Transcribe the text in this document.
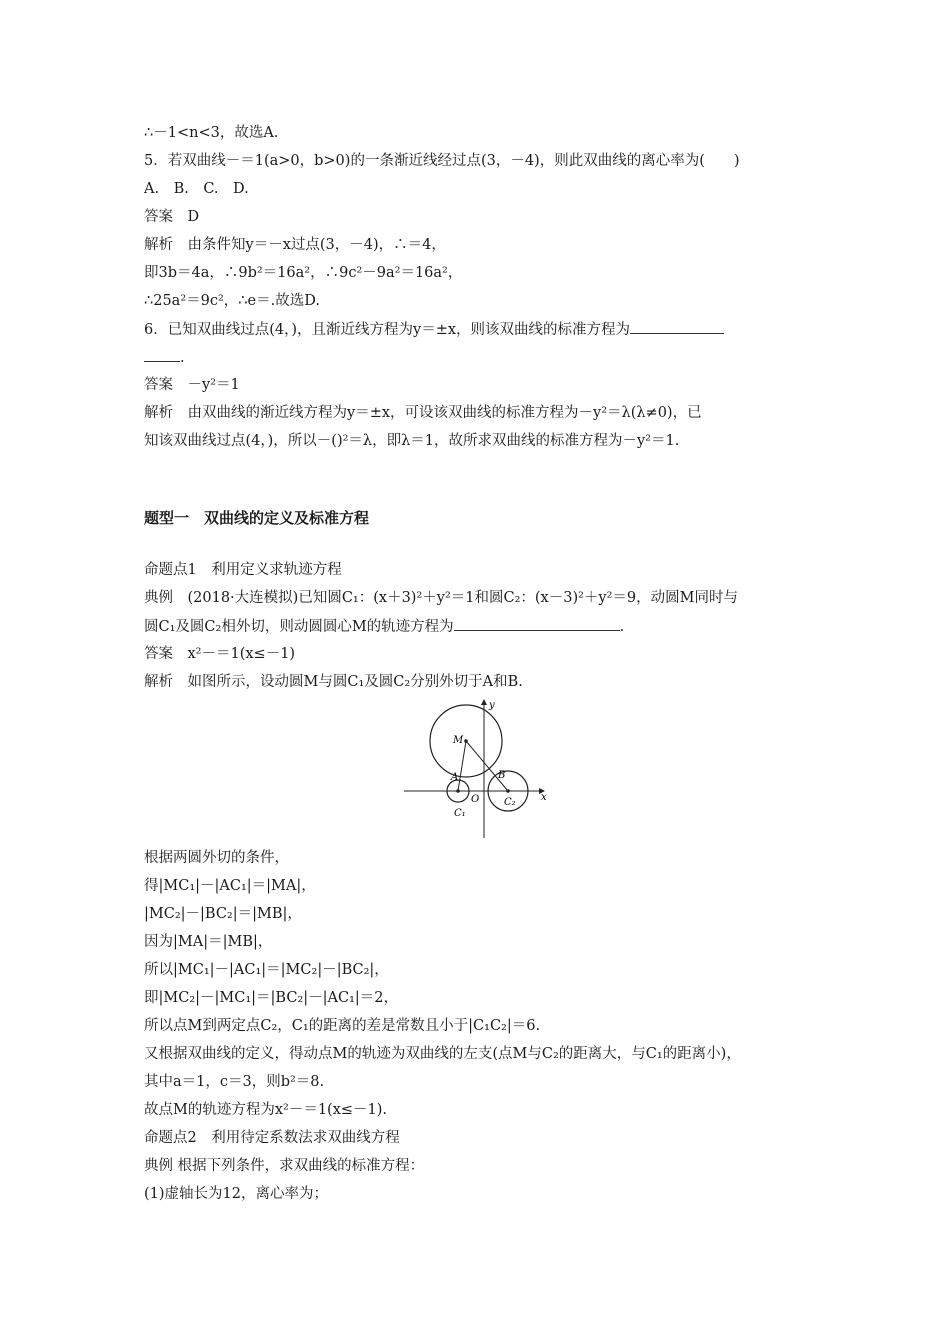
∴－1<n<3，故选A.
5．若双曲线－＝1(a>0，b>0)的一条渐近线经过点(3，－4)，则此双曲线的离心率为(　　)
A.　B.　C.　D.
答案　D
解析　由条件知y＝－x过点(3，－4)，∴＝4，
即3b＝4a，∴9b²＝16a²，∴9c²－9a²＝16a²，
∴25a²＝9c²，∴e＝.故选D.
6．已知双曲线过点(4，)，且渐近线方程为y＝±x，则该双曲线的标准方程为
.
答案　－y²＝1
解析　由双曲线的渐近线方程为y＝±x，可设该双曲线的标准方程为－y²＝λ(λ≠0)，已
知该双曲线过点(4，)，所以－()²＝λ，即λ＝1，故所求双曲线的标准方程为－y²＝1.
题型一　双曲线的定义及标准方程
命题点1　利用定义求轨迹方程
典例　(2018·大连模拟)已知圆C₁：(x＋3)²＋y²＝1和圆C₂：(x－3)²＋y²＝9，动圆M同时与
圆C₁及圆C₂相外切，则动圆圆心M的轨迹方程为	.
答案　x²－＝1(x≤－1)
解析　如图所示，设动圆M与圆C₁及圆C₂分别外切于A和B.
y
x
M
A	B
O
C₁
C₂
根据两圆外切的条件，
得|MC₁|－|AC₁|＝|MA|，
|MC₂|－|BC₂|＝|MB|，
因为|MA|＝|MB|，
所以|MC₁|－|AC₁|＝|MC₂|－|BC₂|，
即|MC₂|－|MC₁|＝|BC₂|－|AC₁|＝2，
所以点M到两定点C₂，C₁的距离的差是常数且小于|C₁C₂|＝6.
又根据双曲线的定义，得动点M的轨迹为双曲线的左支(点M与C₂的距离大，与C₁的距离小)，
其中a＝1，c＝3，则b²＝8.
故点M的轨迹方程为x²－＝1(x≤－1).
命题点2　利用待定系数法求双曲线方程
典例 根据下列条件，求双曲线的标准方程：
(1)虚轴长为12，离心率为；
